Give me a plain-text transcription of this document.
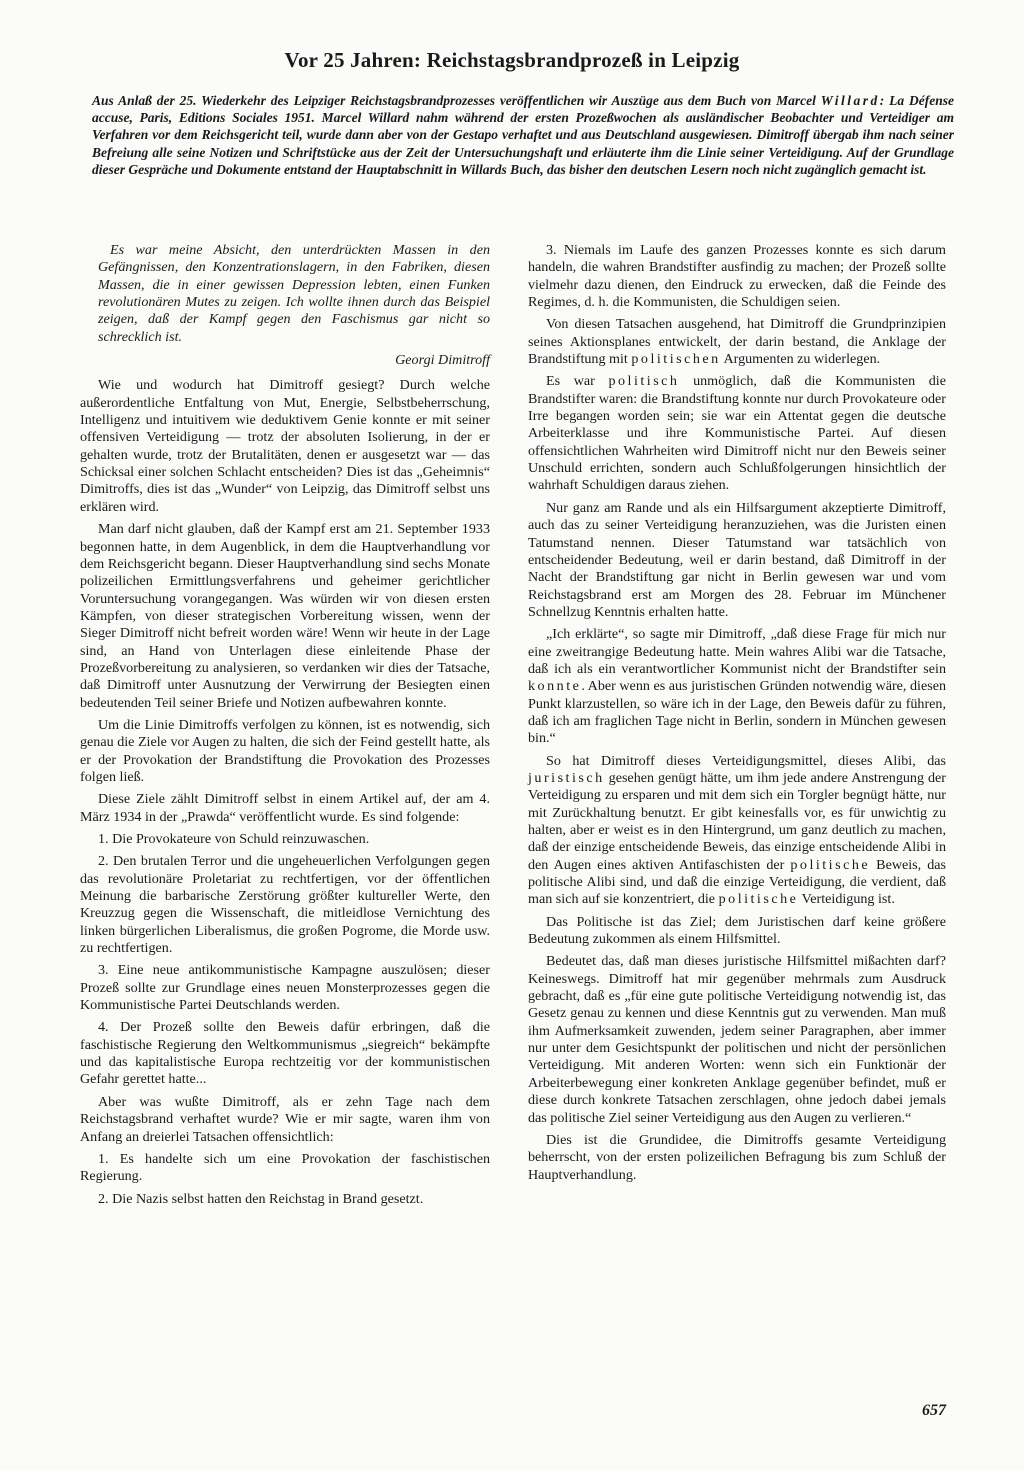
Vor 25 Jahren: Reichstagsbrandprozeß in Leipzig

Aus Anlaß der 25. Wiederkehr des Leipziger Reichstagsbrandprozesses veröffentlichen wir Auszüge aus dem Buch von Marcel Willard: La Défense accuse, Paris, Editions Sociales 1951. Marcel Willard nahm während der ersten Prozeßwochen als ausländischer Beobachter und Verteidiger am Verfahren vor dem Reichsgericht teil, wurde dann aber von der Gestapo verhaftet und aus Deutschland ausgewiesen. Dimitroff übergab ihm nach seiner Befreiung alle seine Notizen und Schriftstücke aus der Zeit der Untersuchungshaft und erläuterte ihm die Linie seiner Verteidigung. Auf der Grundlage dieser Gespräche und Dokumente entstand der Hauptabschnitt in Willards Buch, das bisher den deutschen Lesern noch nicht zugänglich gemacht ist.

Es war meine Absicht, den unterdrückten Massen in den Gefängnissen, den Konzentrationslagern, in den Fabriken, diesen Massen, die in einer gewissen Depression lebten, einen Funken revolutionären Mutes zu zeigen. Ich wollte ihnen durch das Beispiel zeigen, daß der Kampf gegen den Faschismus gar nicht so schrecklich ist.

Georgi Dimitroff

Wie und wodurch hat Dimitroff gesiegt? Durch welche außerordentliche Entfaltung von Mut, Energie, Selbstbeherrschung, Intelligenz und intuitivem wie deduktivem Genie konnte er mit seiner offensiven Verteidigung — trotz der absoluten Isolierung, in der er gehalten wurde, trotz der Brutalitäten, denen er ausgesetzt war — das Schicksal einer solchen Schlacht entscheiden? Dies ist das „Geheimnis“ Dimitroffs, dies ist das „Wunder“ von Leipzig, das Dimitroff selbst uns erklären wird.

Man darf nicht glauben, daß der Kampf erst am 21. September 1933 begonnen hatte, in dem Augenblick, in dem die Hauptverhandlung vor dem Reichsgericht begann. Dieser Hauptverhandlung sind sechs Monate polizeilichen Ermittlungsverfahrens und geheimer gerichtlicher Voruntersuchung vorangegangen. Was würden wir von diesen ersten Kämpfen, von dieser strategischen Vorbereitung wissen, wenn der Sieger Dimitroff nicht befreit worden wäre! Wenn wir heute in der Lage sind, an Hand von Unterlagen diese einleitende Phase der Prozeßvorbereitung zu analysieren, so verdanken wir dies der Tatsache, daß Dimitroff unter Ausnutzung der Verwirrung der Besiegten einen bedeutenden Teil seiner Briefe und Notizen aufbewahren konnte.

Um die Linie Dimitroffs verfolgen zu können, ist es notwendig, sich genau die Ziele vor Augen zu halten, die sich der Feind gestellt hatte, als er der Provokation der Brandstiftung die Provokation des Prozesses folgen ließ.

Diese Ziele zählt Dimitroff selbst in einem Artikel auf, der am 4. März 1934 in der „Prawda“ veröffentlicht wurde. Es sind folgende:

1. Die Provokateure von Schuld reinzuwaschen.

2. Den brutalen Terror und die ungeheuerlichen Verfolgungen gegen das revolutionäre Proletariat zu rechtfertigen, vor der öffentlichen Meinung die barbarische Zerstörung größter kultureller Werte, den Kreuzzug gegen die Wissenschaft, die mitleidlose Vernichtung des linken bürgerlichen Liberalismus, die großen Pogrome, die Morde usw. zu rechtfertigen.

3. Eine neue antikommunistische Kampagne auszulösen; dieser Prozeß sollte zur Grundlage eines neuen Monsterprozesses gegen die Kommunistische Partei Deutschlands werden.

4. Der Prozeß sollte den Beweis dafür erbringen, daß die faschistische Regierung den Weltkommunismus „siegreich“ bekämpfte und das kapitalistische Europa rechtzeitig vor der kommunistischen Gefahr gerettet hatte...

Aber was wußte Dimitroff, als er zehn Tage nach dem Reichstagsbrand verhaftet wurde? Wie er mir sagte, waren ihm von Anfang an dreierlei Tatsachen offensichtlich:

1. Es handelte sich um eine Provokation der faschistischen Regierung.

2. Die Nazis selbst hatten den Reichstag in Brand gesetzt.

3. Niemals im Laufe des ganzen Prozesses konnte es sich darum handeln, die wahren Brandstifter ausfindig zu machen; der Prozeß sollte vielmehr dazu dienen, den Eindruck zu erwecken, daß die Feinde des Regimes, d. h. die Kommunisten, die Schuldigen seien.

Von diesen Tatsachen ausgehend, hat Dimitroff die Grundprinzipien seines Aktionsplanes entwickelt, der darin bestand, die Anklage der Brandstiftung mit politischen Argumenten zu widerlegen.

Es war politisch unmöglich, daß die Kommunisten die Brandstifter waren: die Brandstiftung konnte nur durch Provokateure oder Irre begangen worden sein; sie war ein Attentat gegen die deutsche Arbeiterklasse und ihre Kommunistische Partei. Auf diesen offensichtlichen Wahrheiten wird Dimitroff nicht nur den Beweis seiner Unschuld errichten, sondern auch Schlußfolgerungen hinsichtlich der wahrhaft Schuldigen daraus ziehen.

Nur ganz am Rande und als ein Hilfsargument akzeptierte Dimitroff, auch das zu seiner Verteidigung heranzuziehen, was die Juristen einen Tatumstand nennen. Dieser Tatumstand war tatsächlich von entscheidender Bedeutung, weil er darin bestand, daß Dimitroff in der Nacht der Brandstiftung gar nicht in Berlin gewesen war und vom Reichstagsbrand erst am Morgen des 28. Februar im Münchener Schnellzug Kenntnis erhalten hatte.

„Ich erklärte“, so sagte mir Dimitroff, „daß diese Frage für mich nur eine zweitrangige Bedeutung hatte. Mein wahres Alibi war die Tatsache, daß ich als ein verantwortlicher Kommunist nicht der Brandstifter sein konnte. Aber wenn es aus juristischen Gründen notwendig wäre, diesen Punkt klarzustellen, so wäre ich in der Lage, den Beweis dafür zu führen, daß ich am fraglichen Tage nicht in Berlin, sondern in München gewesen bin.“

So hat Dimitroff dieses Verteidigungsmittel, dieses Alibi, das juristisch gesehen genügt hätte, um ihm jede andere Anstrengung der Verteidigung zu ersparen und mit dem sich ein Torgler begnügt hätte, nur mit Zurückhaltung benutzt. Er gibt keinesfalls vor, es für unwichtig zu halten, aber er weist es in den Hintergrund, um ganz deutlich zu machen, daß der einzige entscheidende Beweis, das einzige entscheidende Alibi in den Augen eines aktiven Antifaschisten der politische Beweis, das politische Alibi sind, und daß die einzige Verteidigung, die verdient, daß man sich auf sie konzentriert, die politische Verteidigung ist.

Das Politische ist das Ziel; dem Juristischen darf keine größere Bedeutung zukommen als einem Hilfsmittel.

Bedeutet das, daß man dieses juristische Hilfsmittel mißachten darf? Keineswegs. Dimitroff hat mir gegenüber mehrmals zum Ausdruck gebracht, daß es „für eine gute politische Verteidigung notwendig ist, das Gesetz genau zu kennen und diese Kenntnis gut zu verwenden. Man muß ihm Aufmerksamkeit zuwenden, jedem seiner Paragraphen, aber immer nur unter dem Gesichtspunkt der politischen und nicht der persönlichen Verteidigung. Mit anderen Worten: wenn sich ein Funktionär der Arbeiterbewegung einer konkreten Anklage gegenüber befindet, muß er diese durch konkrete Tatsachen zerschlagen, ohne jedoch dabei jemals das politische Ziel seiner Verteidigung aus den Augen zu verlieren.“

Dies ist die Grundidee, die Dimitroffs gesamte Verteidigung beherrscht, von der ersten polizeilichen Befragung bis zum Schluß der Hauptverhandlung.

657
